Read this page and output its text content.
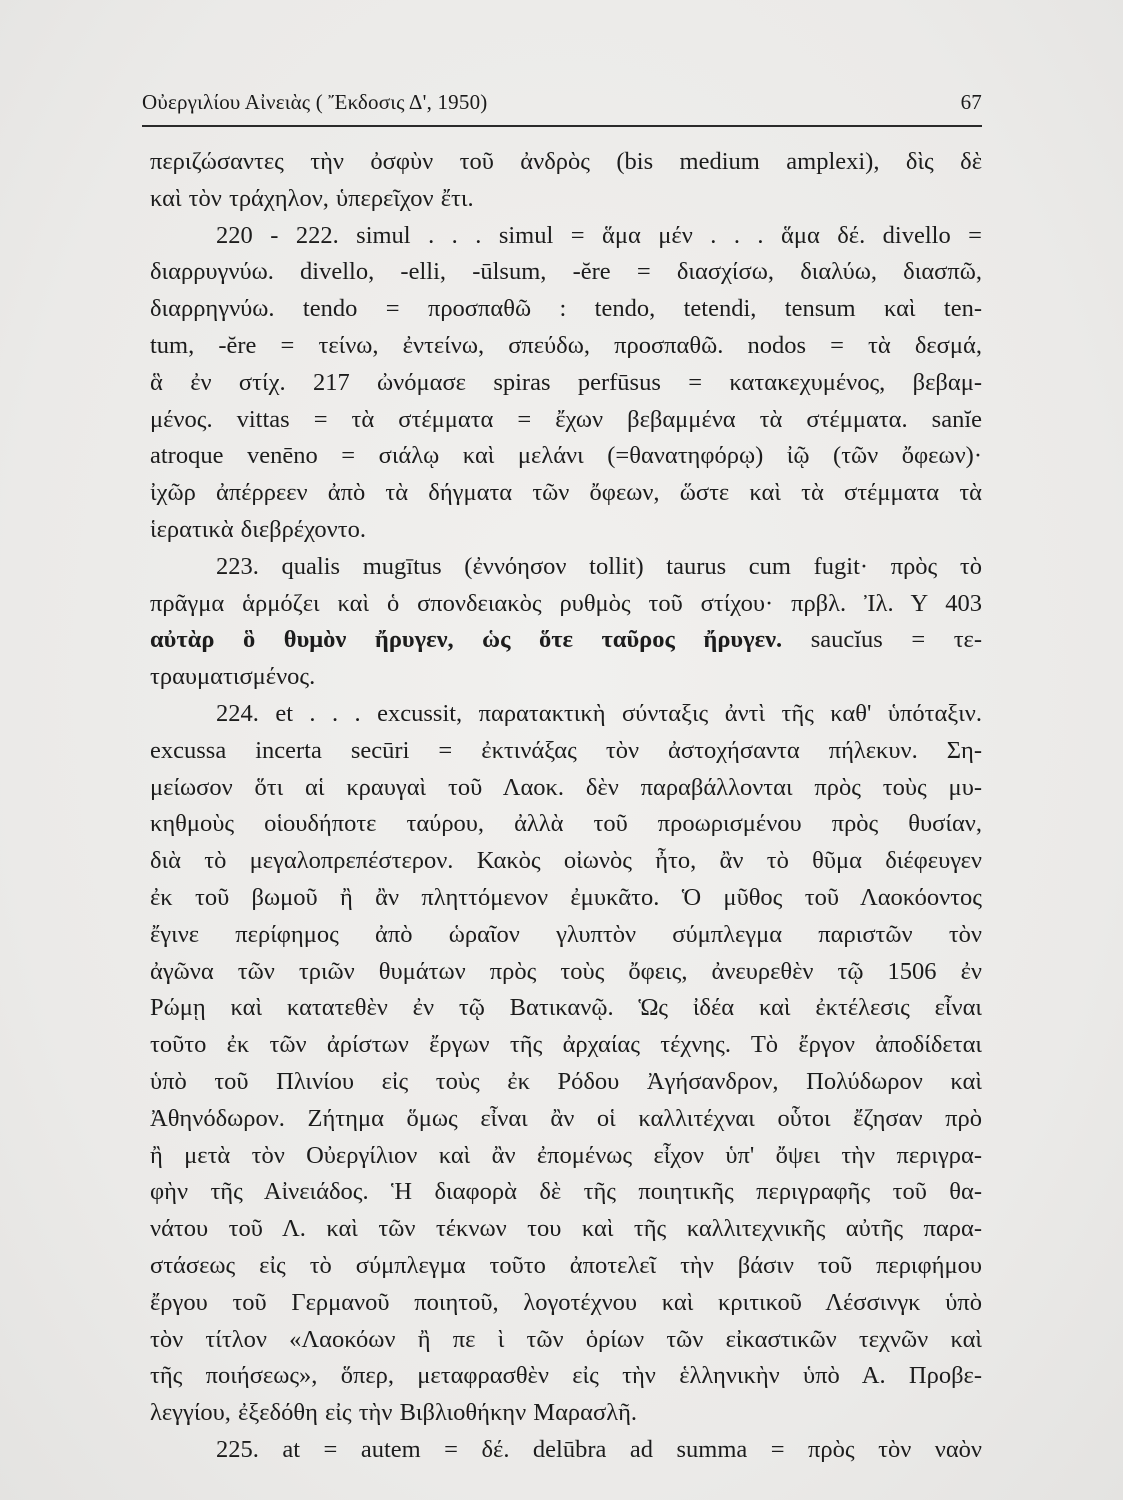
Οὐεργιλίου Αἰνειὰς ( Ἔκδοσις Δ', 1950)	67
περιζώσαντες τὴν ὀσφὺν τοῦ ἀνδρὸς (bis medium amplexi), δὶς δὲ
καὶ τὸν τράχηλον, ὑπερεῖχον ἔτι.
220 - 222. simul . . . simul = ἅμα μέν . . . ἅμα δέ. divello =
διαρρυγνύω. divello, -elli, -ūlsum, -ĕre = διασχίσω, διαλύω, διασπῶ,
διαρρηγνύω. tendo = προσπαθῶ : tendo, tetendi, tensum καὶ ten-
tum, -ĕre = τείνω, ἐντείνω, σπεύδω, προσπαθῶ. nodos = τὰ δεσμά,
ἃ ἐν στίχ. 217 ὠνόμασε spiras perfūsus = κατακεχυμένος, βεβαμ-
μένος. vittas = τὰ στέμματα = ἔχων βεβαμμένα τὰ στέμματα. sanĭe
atroque venēno = σιάλῳ καὶ μελάνι (=θανατηφόρῳ) ἰῷ (τῶν ὄφεων)·
ἰχῶρ ἀπέρρεεν ἀπὸ τὰ δήγματα τῶν ὄφεων, ὥστε καὶ τὰ στέμματα τὰ
ἱερατικὰ διεβρέχοντο.
223. qualis mugītus (ἐννόησον tollit) taurus cum fugit· πρὸς τὸ
πρᾶγμα ἁρμόζει καὶ ὁ σπονδειακὸς ρυθμὸς τοῦ στίχου· πρβλ. Ἰλ. Υ 403
αὐτὰρ ὃ θυμὸν ἤρυγεν, ὡς ὅτε ταῦρος ἤρυγεν. saucĭus = τε-
τραυματισμένος.
224. et . . . excussit, παρατακτικὴ σύνταξις ἀντὶ τῆς καθ' ὑπόταξιν.
excussa incerta secūri = ἐκτινάξας τὸν ἀστοχήσαντα πήλεκυν. Ση-
μείωσον ὅτι αἱ κραυγαὶ τοῦ Λαοκ. δὲν παραβάλλονται πρὸς τοὺς μυ-
κηθμοὺς οἱουδήποτε ταύρου, ἀλλὰ τοῦ προωρισμένου πρὸς θυσίαν,
διὰ τὸ μεγαλοπρεπέστερον. Κακὸς οἰωνὸς ἦτο, ἂν τὸ θῦμα διέφευγεν
ἐκ τοῦ βωμοῦ ἢ ἂν πληττόμενον ἐμυκᾶτο. Ὁ μῦθος τοῦ Λαοκόοντος
ἔγινε περίφημος ἀπὸ ὡραῖον γλυπτὸν σύμπλεγμα παριστῶν τὸν
ἀγῶνα τῶν τριῶν θυμάτων πρὸς τοὺς ὄφεις, ἀνευρεθὲν τῷ 1506 ἐν
Ρώμῃ καὶ κατατεθὲν ἐν τῷ Βατικανῷ. Ὡς ἰδέα καὶ ἐκτέλεσις εἶναι
τοῦτο ἐκ τῶν ἀρίστων ἔργων τῆς ἀρχαίας τέχνης. Τὸ ἔργον ἀποδίδεται
ὑπὸ τοῦ Πλινίου εἰς τοὺς ἐκ Ρόδου Ἀγήσανδρον, Πολύδωρον καὶ
Ἀθηνόδωρον. Ζήτημα ὅμως εἶναι ἂν οἱ καλλιτέχναι οὗτοι ἔζησαν πρὸ
ἢ μετὰ τὸν Οὐεργίλιον καὶ ἂν ἐπομένως εἶχον ὑπ' ὄψει τὴν περιγρα-
φὴν τῆς Αἰνειάδος. Ἡ διαφορὰ δὲ τῆς ποιητικῆς περιγραφῆς τοῦ θα-
νάτου τοῦ Λ. καὶ τῶν τέκνων του καὶ τῆς καλλιτεχνικῆς αὐτῆς παρα-
στάσεως εἰς τὸ σύμπλεγμα τοῦτο ἀποτελεῖ τὴν βάσιν τοῦ περιφήμου
ἔργου τοῦ Γερμανοῦ ποιητοῦ, λογοτέχνου καὶ κριτικοῦ Λέσσινγκ ὑπὸ
τὸν τίτλον «Λαοκόων ἢ πε ὶ τῶν ὁρίων τῶν εἰκαστικῶν τεχνῶν καὶ
τῆς ποιήσεως», ὅπερ, μεταφρασθὲν εἰς τὴν ἑλληνικὴν ὑπὸ Α. Προβε-
λεγγίου, ἐξεδόθη εἰς τὴν Βιβλιοθήκην Μαρασλῆ.
225. at = autem = δέ. delūbra ad summa = πρὸς τὸν ναὸν
